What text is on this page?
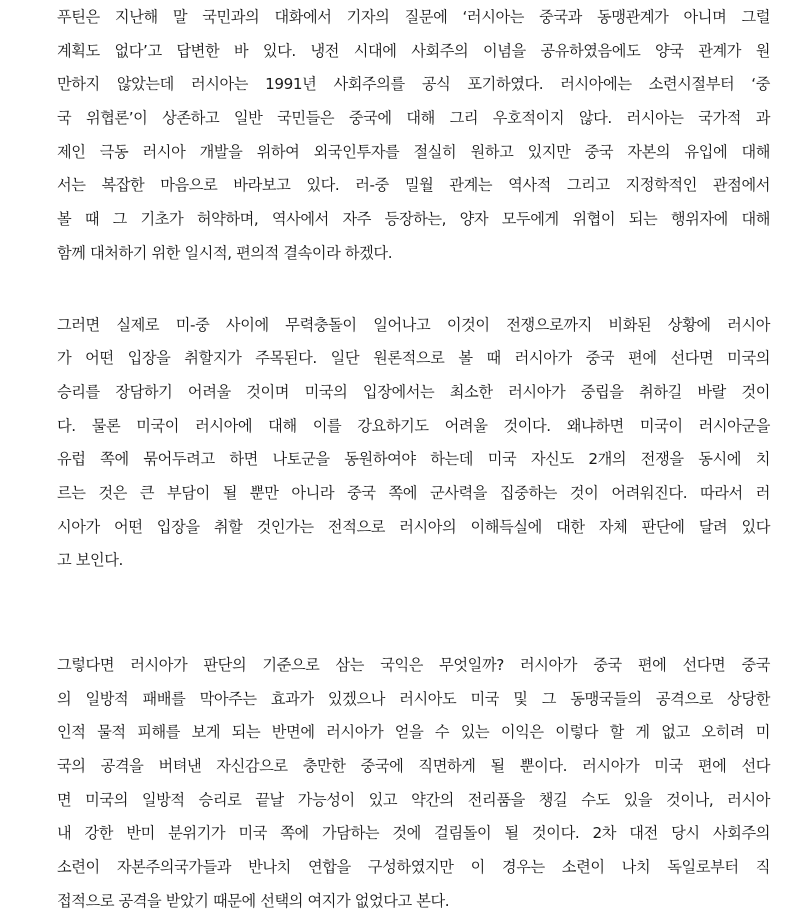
푸틴은 지난해 말 국민과의 대화에서 기자의 질문에 ‘러시아는 중국과 동맹관계가 아니며 그럴
계획도 없다’고 답변한 바 있다. 냉전 시대에 사회주의 이념을 공유하였음에도 양국 관계가 원
만하지 않았는데 러시아는 1991년 사회주의를 공식 포기하였다. 러시아에는 소련시절부터 ‘중
국 위협론’이 상존하고 일반 국민들은 중국에 대해 그리 우호적이지 않다. 러시아는 국가적 과
제인 극동 러시아 개발을 위하여 외국인투자를 절실히 원하고 있지만 중국 자본의 유입에 대해
서는 복잡한 마음으로 바라보고 있다. 러-중 밀월 관계는 역사적 그리고 지정학적인 관점에서
볼 때 그 기초가 허약하며, 역사에서 자주 등장하는, 양자 모두에게 위협이 되는 행위자에 대해
함께 대처하기 위한 일시적, 편의적 결속이라 하겠다.
그러면 실제로 미-중 사이에 무력충돌이 일어나고 이것이 전쟁으로까지 비화된 상황에 러시아
가 어떤 입장을 취할지가 주목된다. 일단 원론적으로 볼 때 러시아가 중국 편에 선다면 미국의
승리를 장담하기 어려울 것이며 미국의 입장에서는 최소한 러시아가 중립을 취하길 바랄 것이
다. 물론 미국이 러시아에 대해 이를 강요하기도 어려울 것이다. 왜냐하면 미국이 러시아군을
유럽 쪽에 묶어두려고 하면 나토군을 동원하여야 하는데 미국 자신도 2개의 전쟁을 동시에 치
르는 것은 큰 부담이 될 뿐만 아니라 중국 쪽에 군사력을 집중하는 것이 어려워진다. 따라서 러
시아가 어떤 입장을 취할 것인가는 전적으로 러시아의 이해득실에 대한 자체 판단에 달려 있다
고 보인다.
그렇다면 러시아가 판단의 기준으로 삼는 국익은 무엇일까? 러시아가 중국 편에 선다면 중국
의 일방적 패배를 막아주는 효과가 있겠으나 러시아도 미국 및 그 동맹국들의 공격으로 상당한
인적 물적 피해를 보게 되는 반면에 러시아가 얻을 수 있는 이익은 이렇다 할 게 없고 오히려 미
국의 공격을 버텨낸 자신감으로 충만한 중국에 직면하게 될 뿐이다. 러시아가 미국 편에 선다
면 미국의 일방적 승리로 끝날 가능성이 있고 약간의 전리품을 챙길 수도 있을 것이나, 러시아
내 강한 반미 분위기가 미국 쪽에 가담하는 것에 걸림돌이 될 것이다. 2차 대전 당시 사회주의
소련이 자본주의국가들과 반나치 연합을 구성하였지만 이 경우는 소련이 나치 독일로부터 직
접적으로 공격을 받았기 때문에 선택의 여지가 없었다고 본다.
